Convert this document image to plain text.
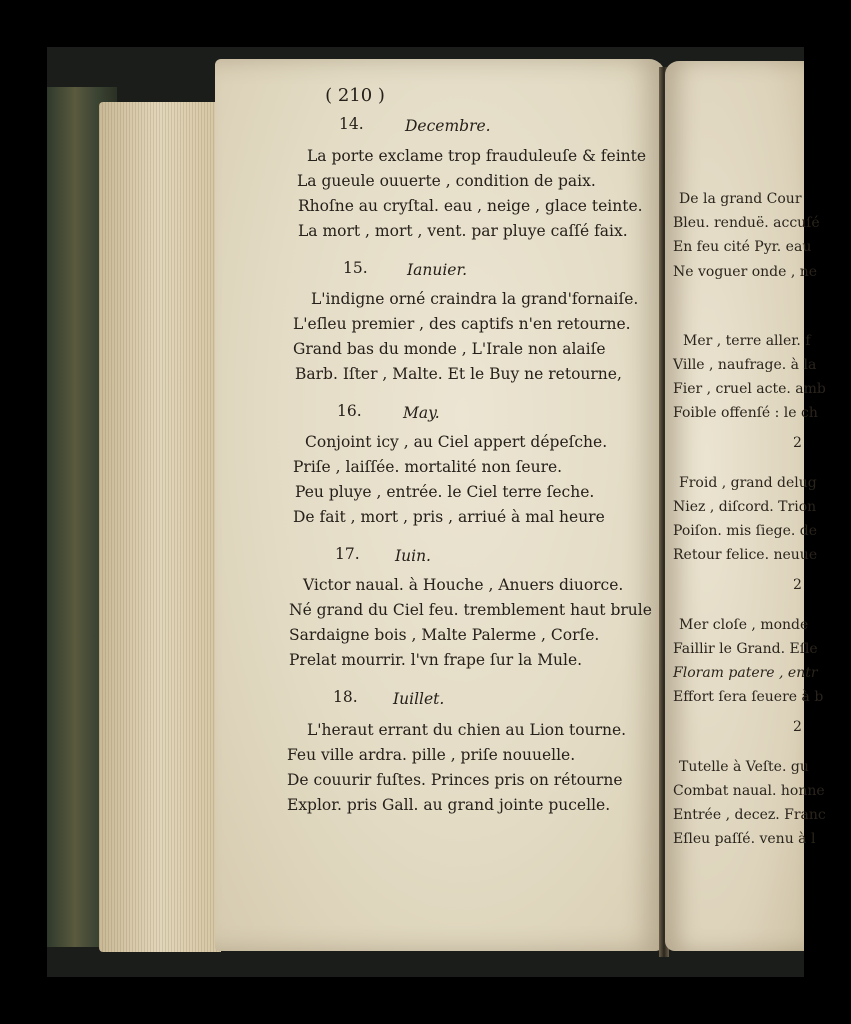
( 210 )
14.	Decembre.
La porte exclame trop frauduleuſe & feinte
La gueule ouuerte , condition de paix.
Rhoſne au cryſtal. eau , neige , glace teinte.
La mort , mort , vent. par pluye caſſé faix.
15.	Ianuier.
L'indigne orné craindra la grand'fornaiſe.
L'eſleu premier , des captifs n'en retourne.
Grand bas du monde , L'Irale non alaiſe
Barb. Iſter , Malte. Et le Buy ne retourne,
16.	May.
Conjoint icy , au Ciel appert dépeſche.
Priſe , laiſſée. mortalité non ſeure.
Peu pluye , entrée. le Ciel terre ſeche.
De fait , mort , pris , arriué à mal heure
17. Iuin.
Victor naual. à Houche , Anuers diuorce.
Né grand du Ciel feu. tremblement haut brule
Sardaigne bois , Malte Palerme , Corſe.
Prelat mourrir. l'vn frape ſur la Mule.
18. Iuillet.
L'heraut errant du chien au Lion tourne.
Feu ville ardra. pille , priſe nouuelle.
De couurir fuſtes. Princes pris on rétourne
Explor. pris Gall. au grand jointe pucelle.
De la grand Cour
Bleu. renduë. accuſé
En feu cité Pyr. eau
Ne voguer onde , ne
Mer , terre aller. f
Ville , naufrage. à la
Fier , cruel acte. amb
Foible offenſé : le ch
2
Froid , grand delug
Niez , diſcord. Trion
Poiſon. mis ſiege. de
Retour felice. neuue
2
Mer cloſe , monde
Faillir le Grand. Eſle
Floram patere , entr
Effort ſera ſeuere à b
2
Tutelle à Veſte. gu
Combat naual. honne
Entrée , decez. Franc
Eſleu paſſé. venu à l
